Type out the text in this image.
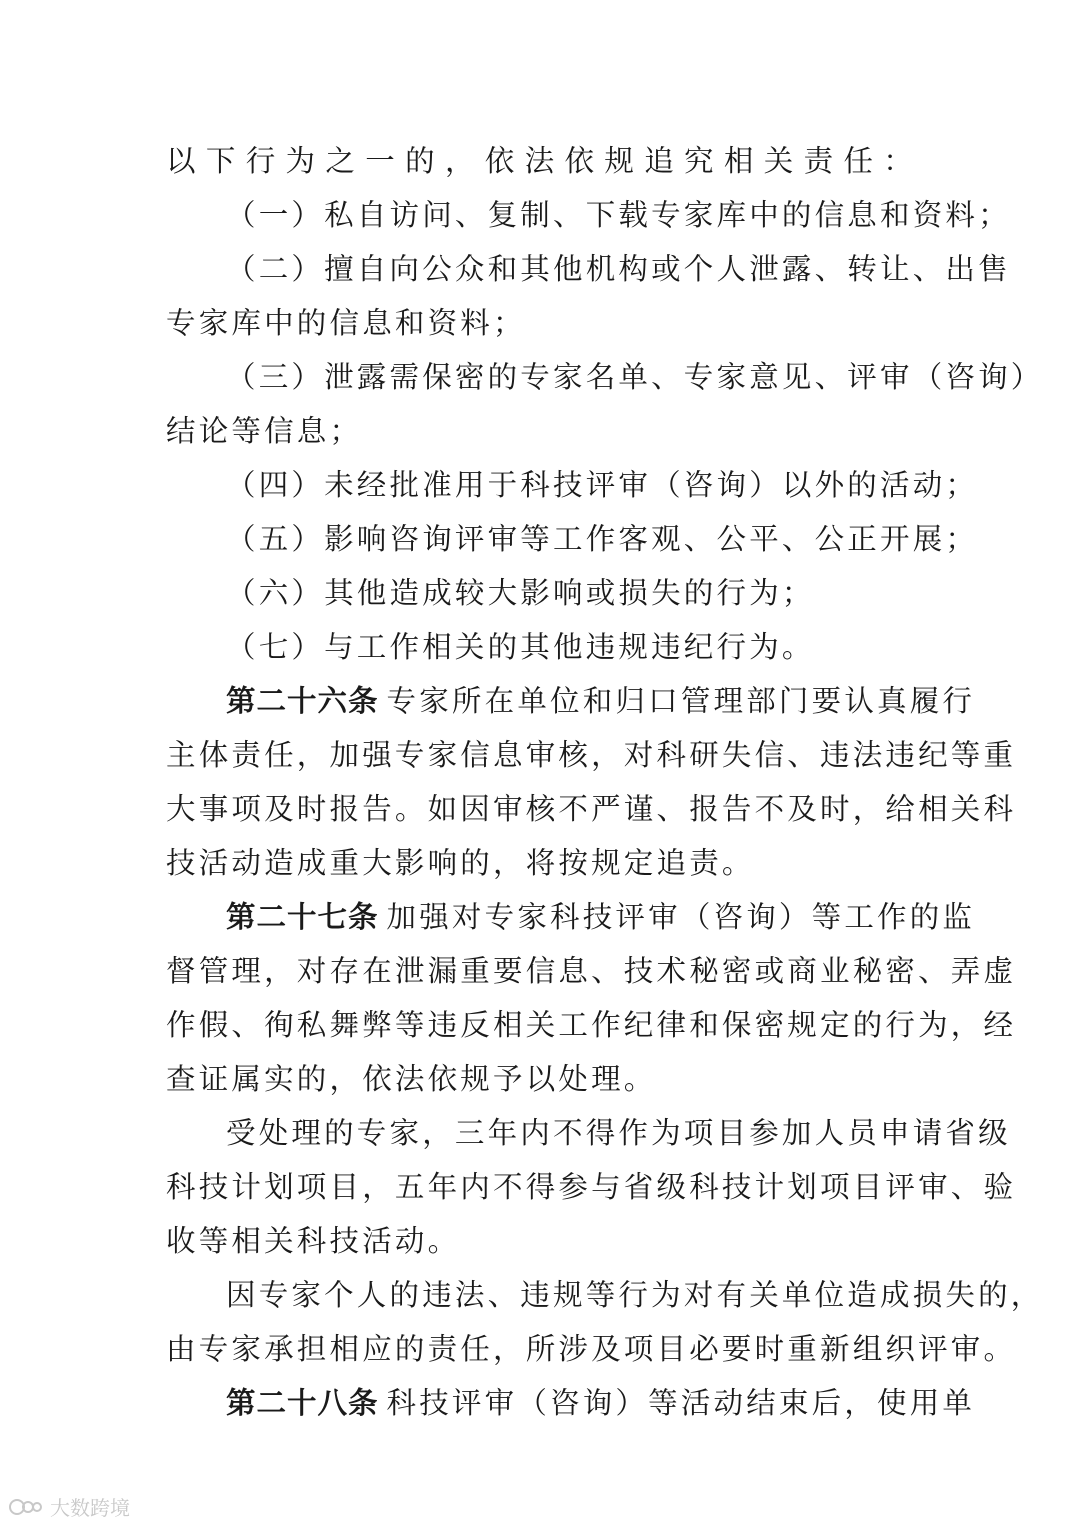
以下行为之一的，依法依规追究相关责任：
（一）私自访问、复制、下载专家库中的信息和资料；
（二）擅自向公众和其他机构或个人泄露、转让、出售
专家库中的信息和资料；
（三）泄露需保密的专家名单、专家意见、评审（咨询）
结论等信息；
（四）未经批准用于科技评审（咨询）以外的活动；
（五）影响咨询评审等工作客观、公平、公正开展；
（六）其他造成较大影响或损失的行为；
（七）与工作相关的其他违规违纪行为。
第二十六条 专家所在单位和归口管理部门要认真履行
主体责任，加强专家信息审核，对科研失信、违法违纪等重
大事项及时报告。如因审核不严谨、报告不及时，给相关科
技活动造成重大影响的，将按规定追责。
第二十七条 加强对专家科技评审（咨询）等工作的监
督管理，对存在泄漏重要信息、技术秘密或商业秘密、弄虚
作假、徇私舞弊等违反相关工作纪律和保密规定的行为，经
查证属实的，依法依规予以处理。
受处理的专家，三年内不得作为项目参加人员申请省级
科技计划项目，五年内不得参与省级科技计划项目评审、验
收等相关科技活动。
因专家个人的违法、违规等行为对有关单位造成损失的，
由专家承担相应的责任，所涉及项目必要时重新组织评审。
第二十八条 科技评审（咨询）等活动结束后，使用单
大数跨境
